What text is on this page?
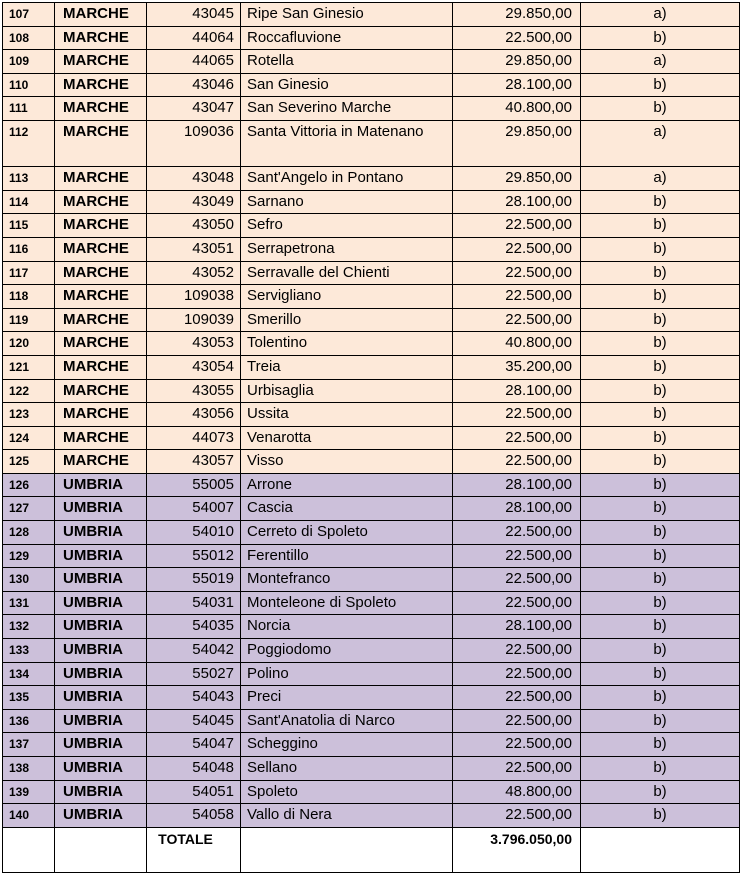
107	MARCHE	43045	Ripe San Ginesio	29.850,00	a)
108	MARCHE	44064	Roccafluvione	22.500,00	b)
109	MARCHE	44065	Rotella	29.850,00	a)
110	MARCHE	43046	San Ginesio	28.100,00	b)
111	MARCHE	43047	San Severino Marche	40.800,00	b)
112	MARCHE	109036	Santa Vittoria in Matenano	29.850,00	a)
113	MARCHE	43048	Sant'Angelo in Pontano	29.850,00	a)
114	MARCHE	43049	Sarnano	28.100,00	b)
115	MARCHE	43050	Sefro	22.500,00	b)
116	MARCHE	43051	Serrapetrona	22.500,00	b)
117	MARCHE	43052	Serravalle del Chienti	22.500,00	b)
118	MARCHE	109038	Servigliano	22.500,00	b)
119	MARCHE	109039	Smerillo	22.500,00	b)
120	MARCHE	43053	Tolentino	40.800,00	b)
121	MARCHE	43054	Treia	35.200,00	b)
122	MARCHE	43055	Urbisaglia	28.100,00	b)
123	MARCHE	43056	Ussita	22.500,00	b)
124	MARCHE	44073	Venarotta	22.500,00	b)
125	MARCHE	43057	Visso	22.500,00	b)
126	UMBRIA	55005	Arrone	28.100,00	b)
127	UMBRIA	54007	Cascia	28.100,00	b)
128	UMBRIA	54010	Cerreto di Spoleto	22.500,00	b)
129	UMBRIA	55012	Ferentillo	22.500,00	b)
130	UMBRIA	55019	Montefranco	22.500,00	b)
131	UMBRIA	54031	Monteleone di Spoleto	22.500,00	b)
132	UMBRIA	54035	Norcia	28.100,00	b)
133	UMBRIA	54042	Poggiodomo	22.500,00	b)
134	UMBRIA	55027	Polino	22.500,00	b)
135	UMBRIA	54043	Preci	22.500,00	b)
136	UMBRIA	54045	Sant'Anatolia di Narco	22.500,00	b)
137	UMBRIA	54047	Scheggino	22.500,00	b)
138	UMBRIA	54048	Sellano	22.500,00	b)
139	UMBRIA	54051	Spoleto	48.800,00	b)
140	UMBRIA	54058	Vallo di Nera	22.500,00	b)
		TOTALE		3.796.050,00	
